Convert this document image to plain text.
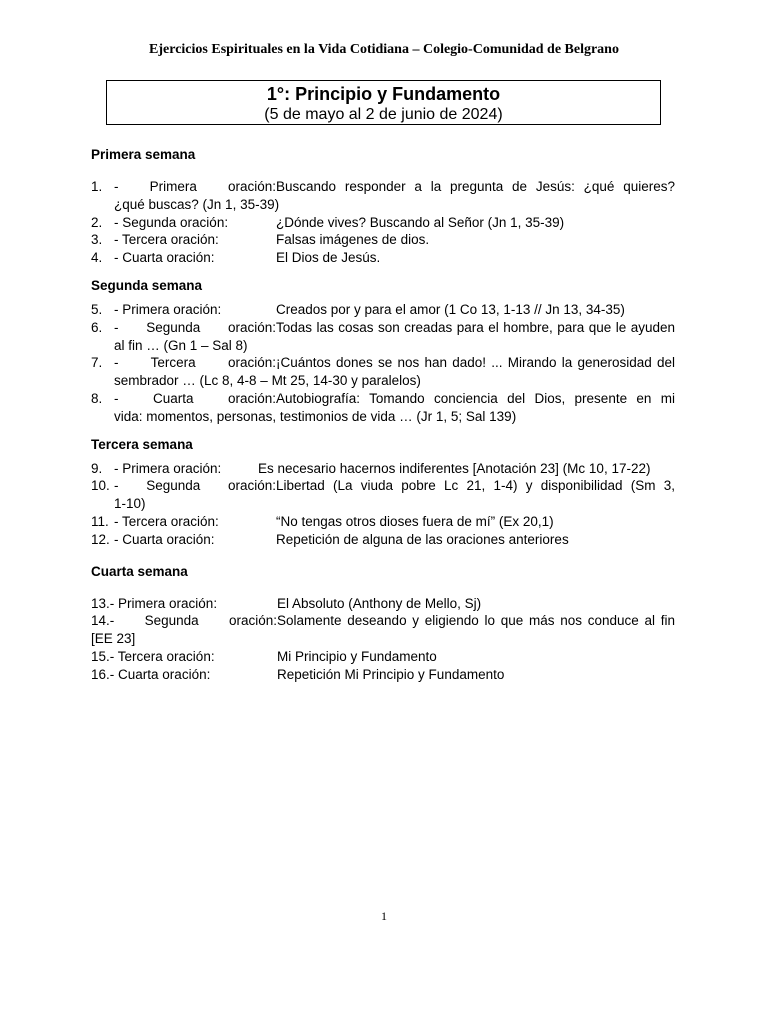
Ejercicios Espirituales en la Vida Cotidiana – Colegio-Comunidad de Belgrano
1°: Principio y Fundamento
(5 de mayo al 2 de junio de 2024)
Primera semana
1. - Primera oración:Buscando responder a la pregunta de Jesús: ¿qué quieres?
¿qué buscas? (Jn 1, 35-39)
2. - Segunda oración:	¿Dónde vives? Buscando al Señor (Jn 1, 35-39)
3. - Tercera oración:	Falsas imágenes de dios.
4. - Cuarta oración:	El Dios de Jesús.
Segunda semana
5. - Primera oración:	Creados por y para el amor (1 Co 13, 1-13 // Jn 13, 34-35)
6. - Segunda oración:Todas las cosas son creadas para el hombre, para que le ayuden
al fin … (Gn 1 – Sal 8)
7. - Tercera oración:¡Cuántos dones se nos han dado! ... Mirando la generosidad del
sembrador … (Lc 8, 4-8 – Mt 25, 14-30 y paralelos)
8. - Cuarta oración:Autobiografía: Tomando conciencia del Dios, presente en mi
vida: momentos, personas, testimonios de vida … (Jr 1, 5; Sal 139)
Tercera semana
9. - Primera oración:	Es necesario hacernos indiferentes [Anotación 23] (Mc 10, 17-22)
10. - Segunda oración:Libertad (La viuda pobre Lc 21, 1-4) y disponibilidad (Sm 3,
1-10)
11. - Tercera oración:	“No tengas otros dioses fuera de mí” (Ex 20,1)
12. - Cuarta oración:	Repetición de alguna de las oraciones anteriores
Cuarta semana
13.- Primera oración:	El Absoluto (Anthony de Mello, Sj)
14.- Segunda oración:Solamente deseando y eligiendo lo que más nos conduce al fin
[EE 23]
15.- Tercera oración:	Mi Principio y Fundamento
16.- Cuarta oración:	Repetición Mi Principio y Fundamento
1
